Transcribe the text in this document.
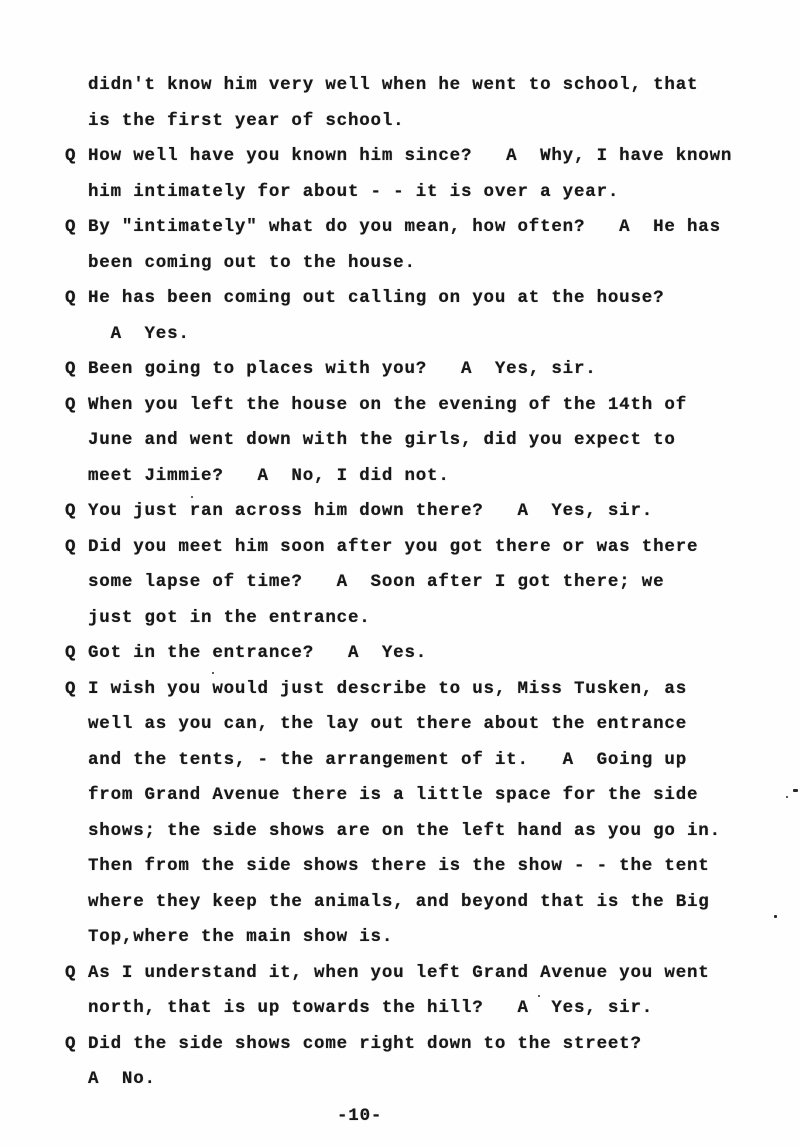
didn't know him very well when he went to school, that
is the first year of school.
Q How well have you known him since?   A  Why, I have known
him intimately for about - - it is over a year.
Q By "intimately" what do you mean, how often?   A  He has
been coming out to the house.
Q He has been coming out calling on you at the house?
A  Yes.
Q Been going to places with you?   A  Yes, sir.
Q When you left the house on the evening of the 14th of
June and went down with the girls, did you expect to
meet Jimmie?   A  No, I did not.
Q You just ran across him down there?   A  Yes, sir.
Q Did you meet him soon after you got there or was there
some lapse of time?   A  Soon after I got there; we
just got in the entrance.
Q Got in the entrance?   A  Yes.
Q I wish you would just describe to us, Miss Tusken, as
well as you can, the lay out there about the entrance
and the tents, - the arrangement of it.   A  Going up
from Grand Avenue there is a little space for the side
shows; the side shows are on the left hand as you go in.
Then from the side shows there is the show - - the tent
where they keep the animals, and beyond that is the Big
Top,where the main show is.
Q As I understand it, when you left Grand Avenue you went
north, that is up towards the hill?   A  Yes, sir.
Q Did the side shows come right down to the street?
A  No.
-10-
